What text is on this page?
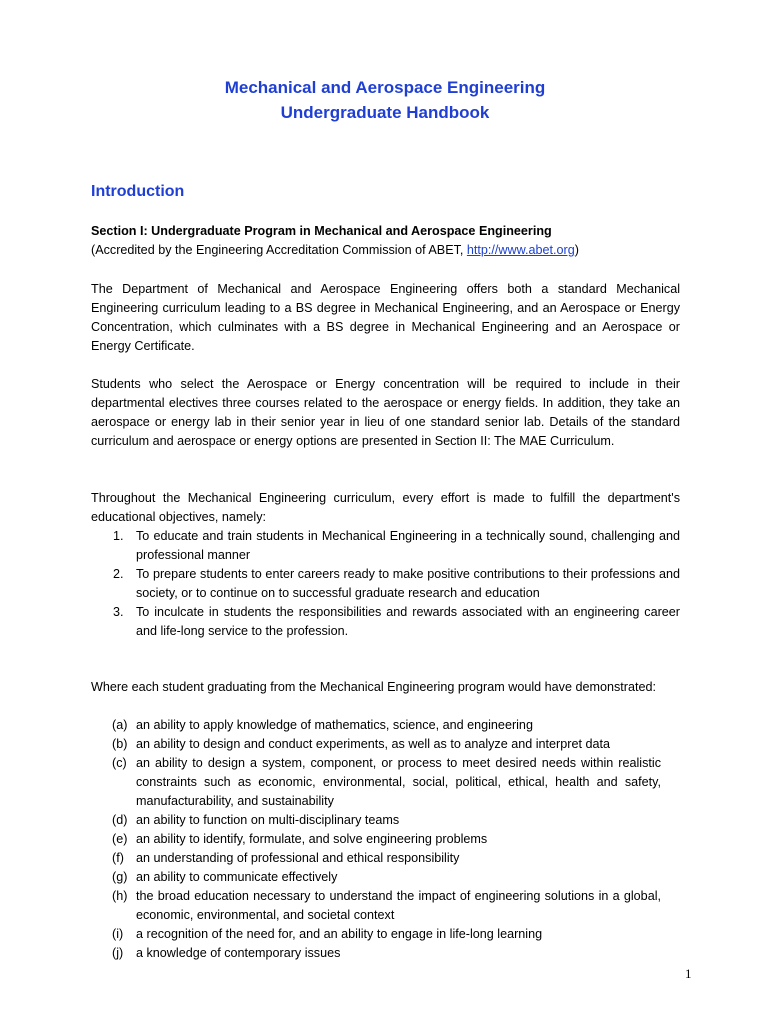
Mechanical and Aerospace Engineering
Undergraduate Handbook
Introduction
Section I: Undergraduate Program in Mechanical and Aerospace Engineering
(Accredited by the Engineering Accreditation Commission of ABET, http://www.abet.org)

The Department of Mechanical and Aerospace Engineering offers both a standard Mechanical Engineering curriculum leading to a BS degree in Mechanical Engineering, and an Aerospace or Energy Concentration, which culminates with a BS degree in Mechanical Engineering and an Aerospace or Energy Certificate.

Students who select the Aerospace or Energy concentration will be required to include in their departmental electives three courses related to the aerospace or energy fields. In addition, they take an aerospace or energy lab in their senior year in lieu of one standard senior lab. Details of the standard curriculum and aerospace or energy options are presented in Section II: The MAE Curriculum.

Throughout the Mechanical Engineering curriculum, every effort is made to fulfill the department's educational objectives, namely:

1. To educate and train students in Mechanical Engineering in a technically sound, challenging and professional manner
2. To prepare students to enter careers ready to make positive contributions to their professions and society, or to continue on to successful graduate research and education
3. To inculcate in students the responsibilities and rewards associated with an engineering career and life-long service to the profession.

Where each student graduating from the Mechanical Engineering program would have demonstrated:

(a) an ability to apply knowledge of mathematics, science, and engineering
(b) an ability to design and conduct experiments, as well as to analyze and interpret data
(c) an ability to design a system, component, or process to meet desired needs within realistic constraints such as economic, environmental, social, political, ethical, health and safety, manufacturability, and sustainability
(d) an ability to function on multi-disciplinary teams
(e) an ability to identify, formulate, and solve engineering problems
(f) an understanding of professional and ethical responsibility
(g) an ability to communicate effectively
(h) the broad education necessary to understand the impact of engineering solutions in a global, economic, environmental, and societal context
(i) a recognition of the need for, and an ability to engage in life-long learning
(j) a knowledge of contemporary issues
1
